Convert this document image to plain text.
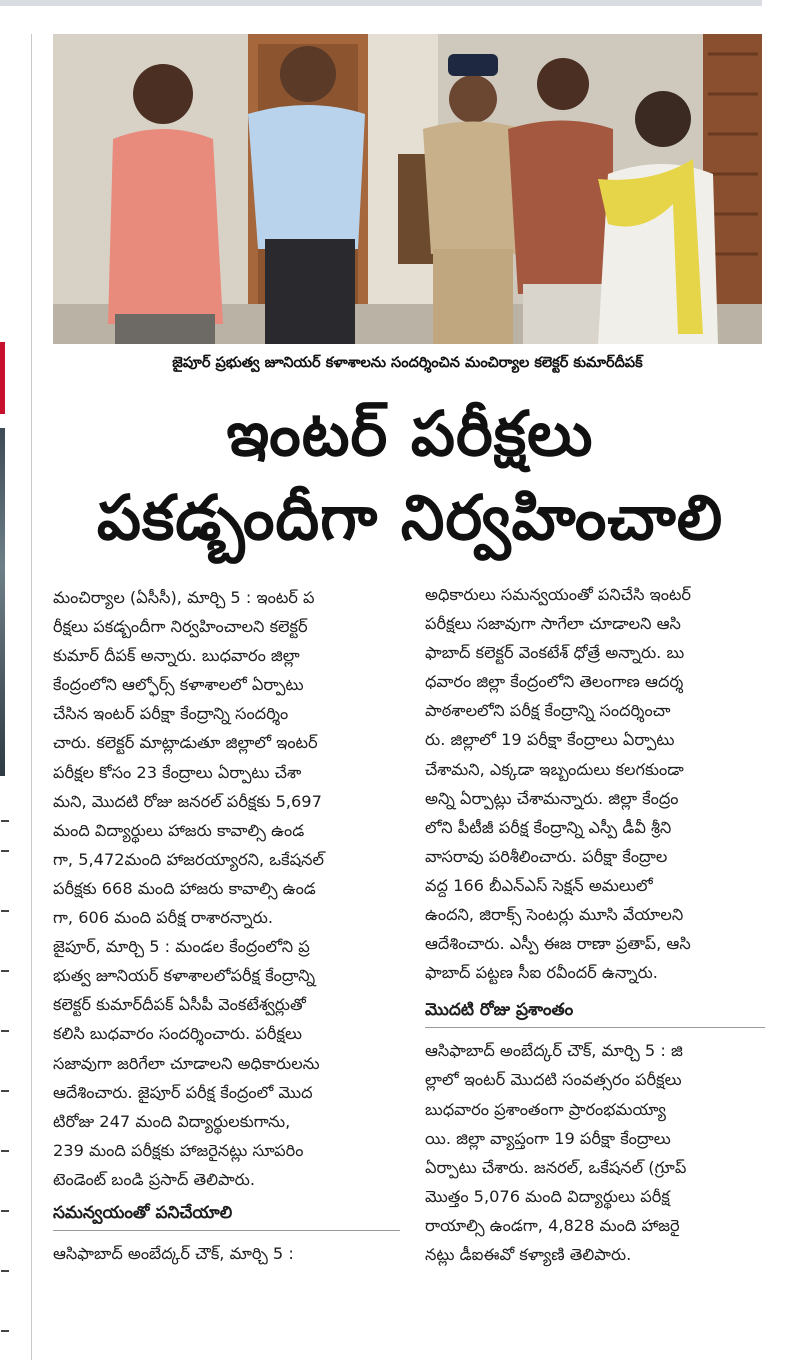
జైపూర్ ప్రభుత్వ జూనియర్ కళాశాలను సందర్శించిన మంచిర్యాల కలెక్టర్ కుమార్‌దీపక్
ఇంటర్ పరీక్షలు
పకడ్బందీగా నిర్వహించాలి
మంచిర్యాల (ఏసీసీ), మార్చి 5 : ఇంటర్ ప
రీక్షలు పకడ్బందీగా నిర్వహించాలని కలెక్టర్
కుమార్ దీపక్ అన్నారు. బుధవారం జిల్లా
కేంద్రంలోని ఆల్ఫోర్స్ కళాశాలలో ఏర్పాటు
చేసిన ఇంటర్ పరీక్షా కేంద్రాన్ని సందర్శిం
చారు. కలెక్టర్ మాట్లాడుతూ జిల్లాలో ఇంటర్
పరీక్షల కోసం 23 కేంద్రాలు ఏర్పాటు చేశా
మని, మొదటి రోజు జనరల్ పరీక్షకు 5,697
మంది విద్యార్థులు హాజరు కావాల్సి ఉండ
గా, 5,472మంది హాజరయ్యారని, ఒకేషనల్
పరీక్షకు 668 మంది హాజరు కావాల్సి ఉండ
గా, 606 మంది పరీక్ష రాశారన్నారు.
జైపూర్, మార్చి 5 : మండల కేంద్రంలోని ప్ర
భుత్వ జూనియర్ కళాశాలలోపరీక్ష కేంద్రాన్ని
కలెక్టర్ కుమార్‌దీపక్ ఏసీపీ వెంకటేశ్వర్లుతో
కలిసి బుధవారం సందర్శించారు. పరీక్షలు
సజావుగా జరిగేలా చూడాలని అధికారులను
ఆదేశించారు. జైపూర్ పరీక్ష కేంద్రంలో మొద
టిరోజు 247 మంది విద్యార్థులకుగాను,
239 మంది పరీక్షకు హాజరైనట్లు సూపరిం
టెండెంట్ బండి ప్రసాద్ తెలిపారు.
సమన్వయంతో పనిచేయాలి
ఆసిఫాబాద్ అంబేద్కర్ చౌక్, మార్చి 5 :
అధికారులు సమన్వయంతో పనిచేసి ఇంటర్
పరీక్షలు సజావుగా సాగేలా చూడాలని ఆసి
ఫాబాద్ కలెక్టర్ వెంకటేశ్ ధోత్రే అన్నారు. బు
ధవారం జిల్లా కేంద్రంలోని తెలంగాణ ఆదర్శ
పాఠశాలలోని పరీక్ష కేంద్రాన్ని సందర్శించా
రు. జిల్లాలో 19 పరీక్షా కేంద్రాలు ఏర్పాటు
చేశామని, ఎక్కడా ఇబ్బందులు కలగకుండా
అన్ని ఏర్పాట్లు చేశామన్నారు. జిల్లా కేంద్రం
లోని పీటీజీ పరీక్ష కేంద్రాన్ని ఎస్పీ డీవీ శ్రీని
వాసరావు పరిశీలించారు. పరీక్షా కేంద్రాల
వద్ద 166 బీఎన్ఎస్ సెక్షన్ అమలులో
ఉందని, జిరాక్స్ సెంటర్లు మూసి వేయాలని
ఆదేశించారు. ఎస్పీ ఈజ రాణా ప్రతాప్, ఆసి
ఫాబాద్ పట్టణ సీఐ రవీందర్ ఉన్నారు.
మొదటి రోజు ప్రశాంతం
ఆసిఫాబాద్ అంబేద్కర్ చౌక్, మార్చి 5 : జి
ల్లాలో ఇంటర్ మొదటి సంవత్సరం పరీక్షలు
బుధవారం ప్రశాంతంగా ప్రారంభమయ్యా
యి. జిల్లా వ్యాప్తంగా 19 పరీక్షా కేంద్రాలు
ఏర్పాటు చేశారు. జనరల్, ఒకేషనల్ (గ్రూప్
మొత్తం 5,076 మంది విద్యార్థులు పరీక్ష
రాయాల్సి ఉండగా, 4,828 మంది హాజరై
నట్లు డీఐఈవో కళ్యాణి తెలిపారు.
